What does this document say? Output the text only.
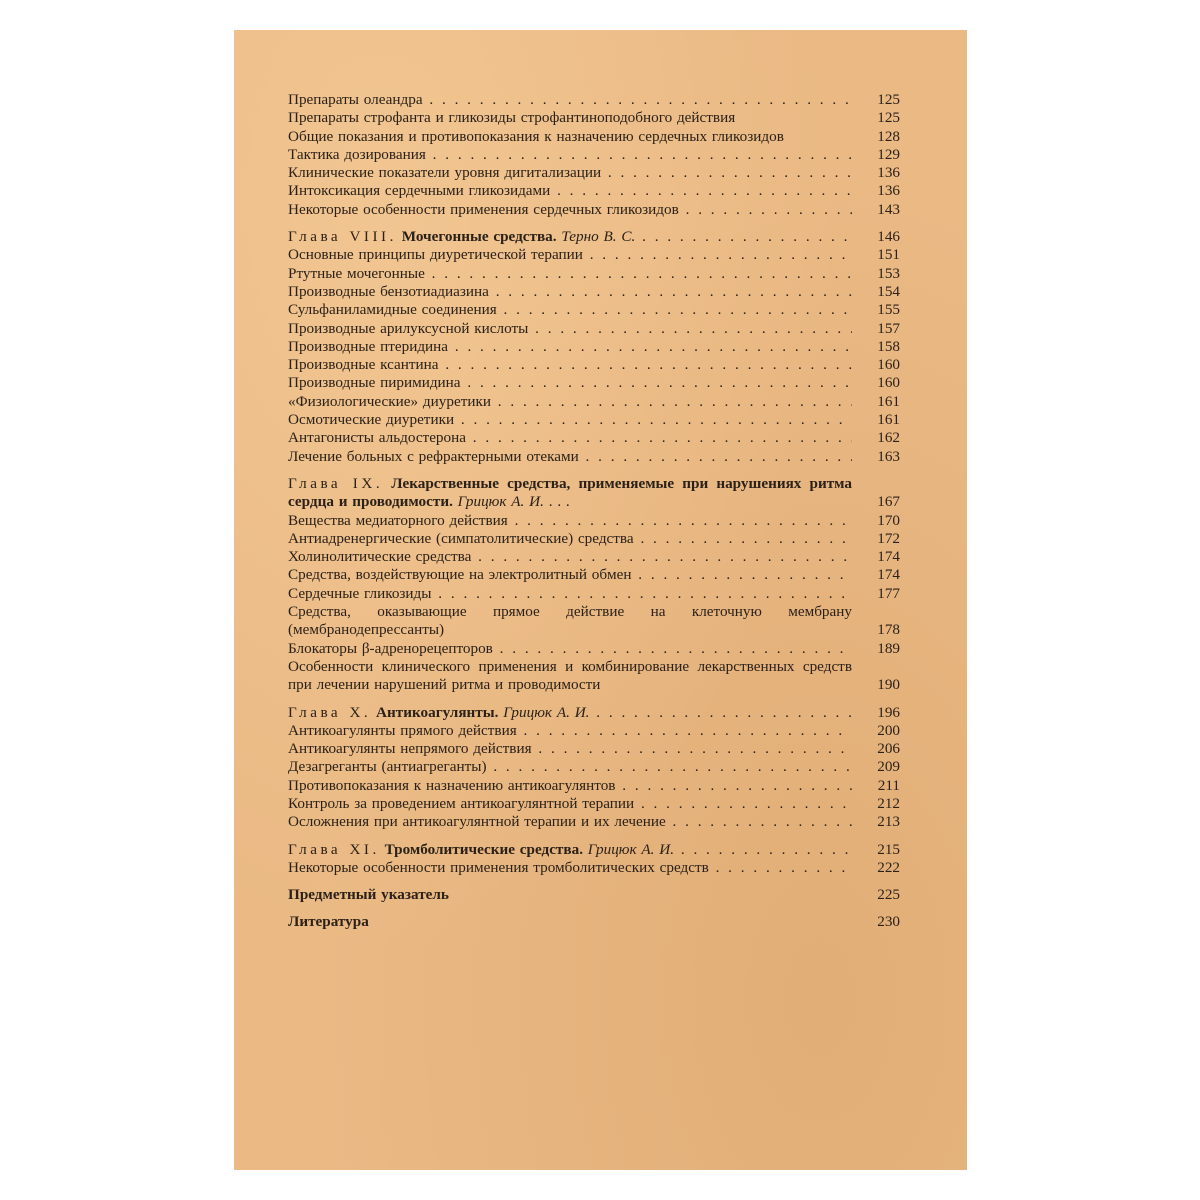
Препараты олеандра . .	125
Препараты строфанта и гликозиды строфантиноподобного действия	125
Общие показания и противопоказания к назначению сердечных гликозидов	128
Тактика дозирования . .	129
Клинические показатели уровня дигитализации . .	136
Интоксикация сердечными гликозидами . .	136
Некоторые особенности применения сердечных гликозидов . .	143
Глава VIII. Мочегонные средства. Терно В. С. . .	146
Основные принципы диуретической терапии . .	151
Ртутные мочегонные . .	153
Производные бензотиадиазина . .	154
Сульфаниламидные соединения . .	155
Производные арилуксусной кислоты . .	157
Производные птеридина . .	158
Производные ксантина . .	160
Производные пиримидина . .	160
«Физиологические» диуретики . .	161
Осмотические диуретики . .	161
Антагонисты альдостерона . .	162
Лечение больных с рефрактерными отеками . .	163
Глава IX. Лекарственные средства, применяемые при нарушениях ритма сердца и проводимости. Грицюк А. И. . . .	167
Вещества медиаторного действия . .	170
Антиадренергические (симпатолитические) средства . .	172
Холинолитические средства . .	174
Средства, воздействующие на электролитный обмен . .	174
Сердечные гликозиды . .	177
Средства, оказывающие прямое действие на клеточную мембрану (мембранодепрессанты)	178
Блокаторы β-адренорецепторов . .	189
Особенности клинического применения и комбинирование лекарственных средств при лечении нарушений ритма и проводимости	190
Глава X. Антикоагулянты. Грицюк А. И. . .	196
Антикоагулянты прямого действия . .	200
Антикоагулянты непрямого действия . .	206
Дезагреганты (антиагреганты) . .	209
Противопоказания к назначению антикоагулянтов . .	211
Контроль за проведением антикоагулянтной терапии . .	212
Осложнения при антикоагулянтной терапии и их лечение . .	213
Глава XI. Тромболитические средства. Грицюк А. И. . .	215
Некоторые особенности применения тромболитических средств . .	222
Предметный указатель	225
Литература	230
